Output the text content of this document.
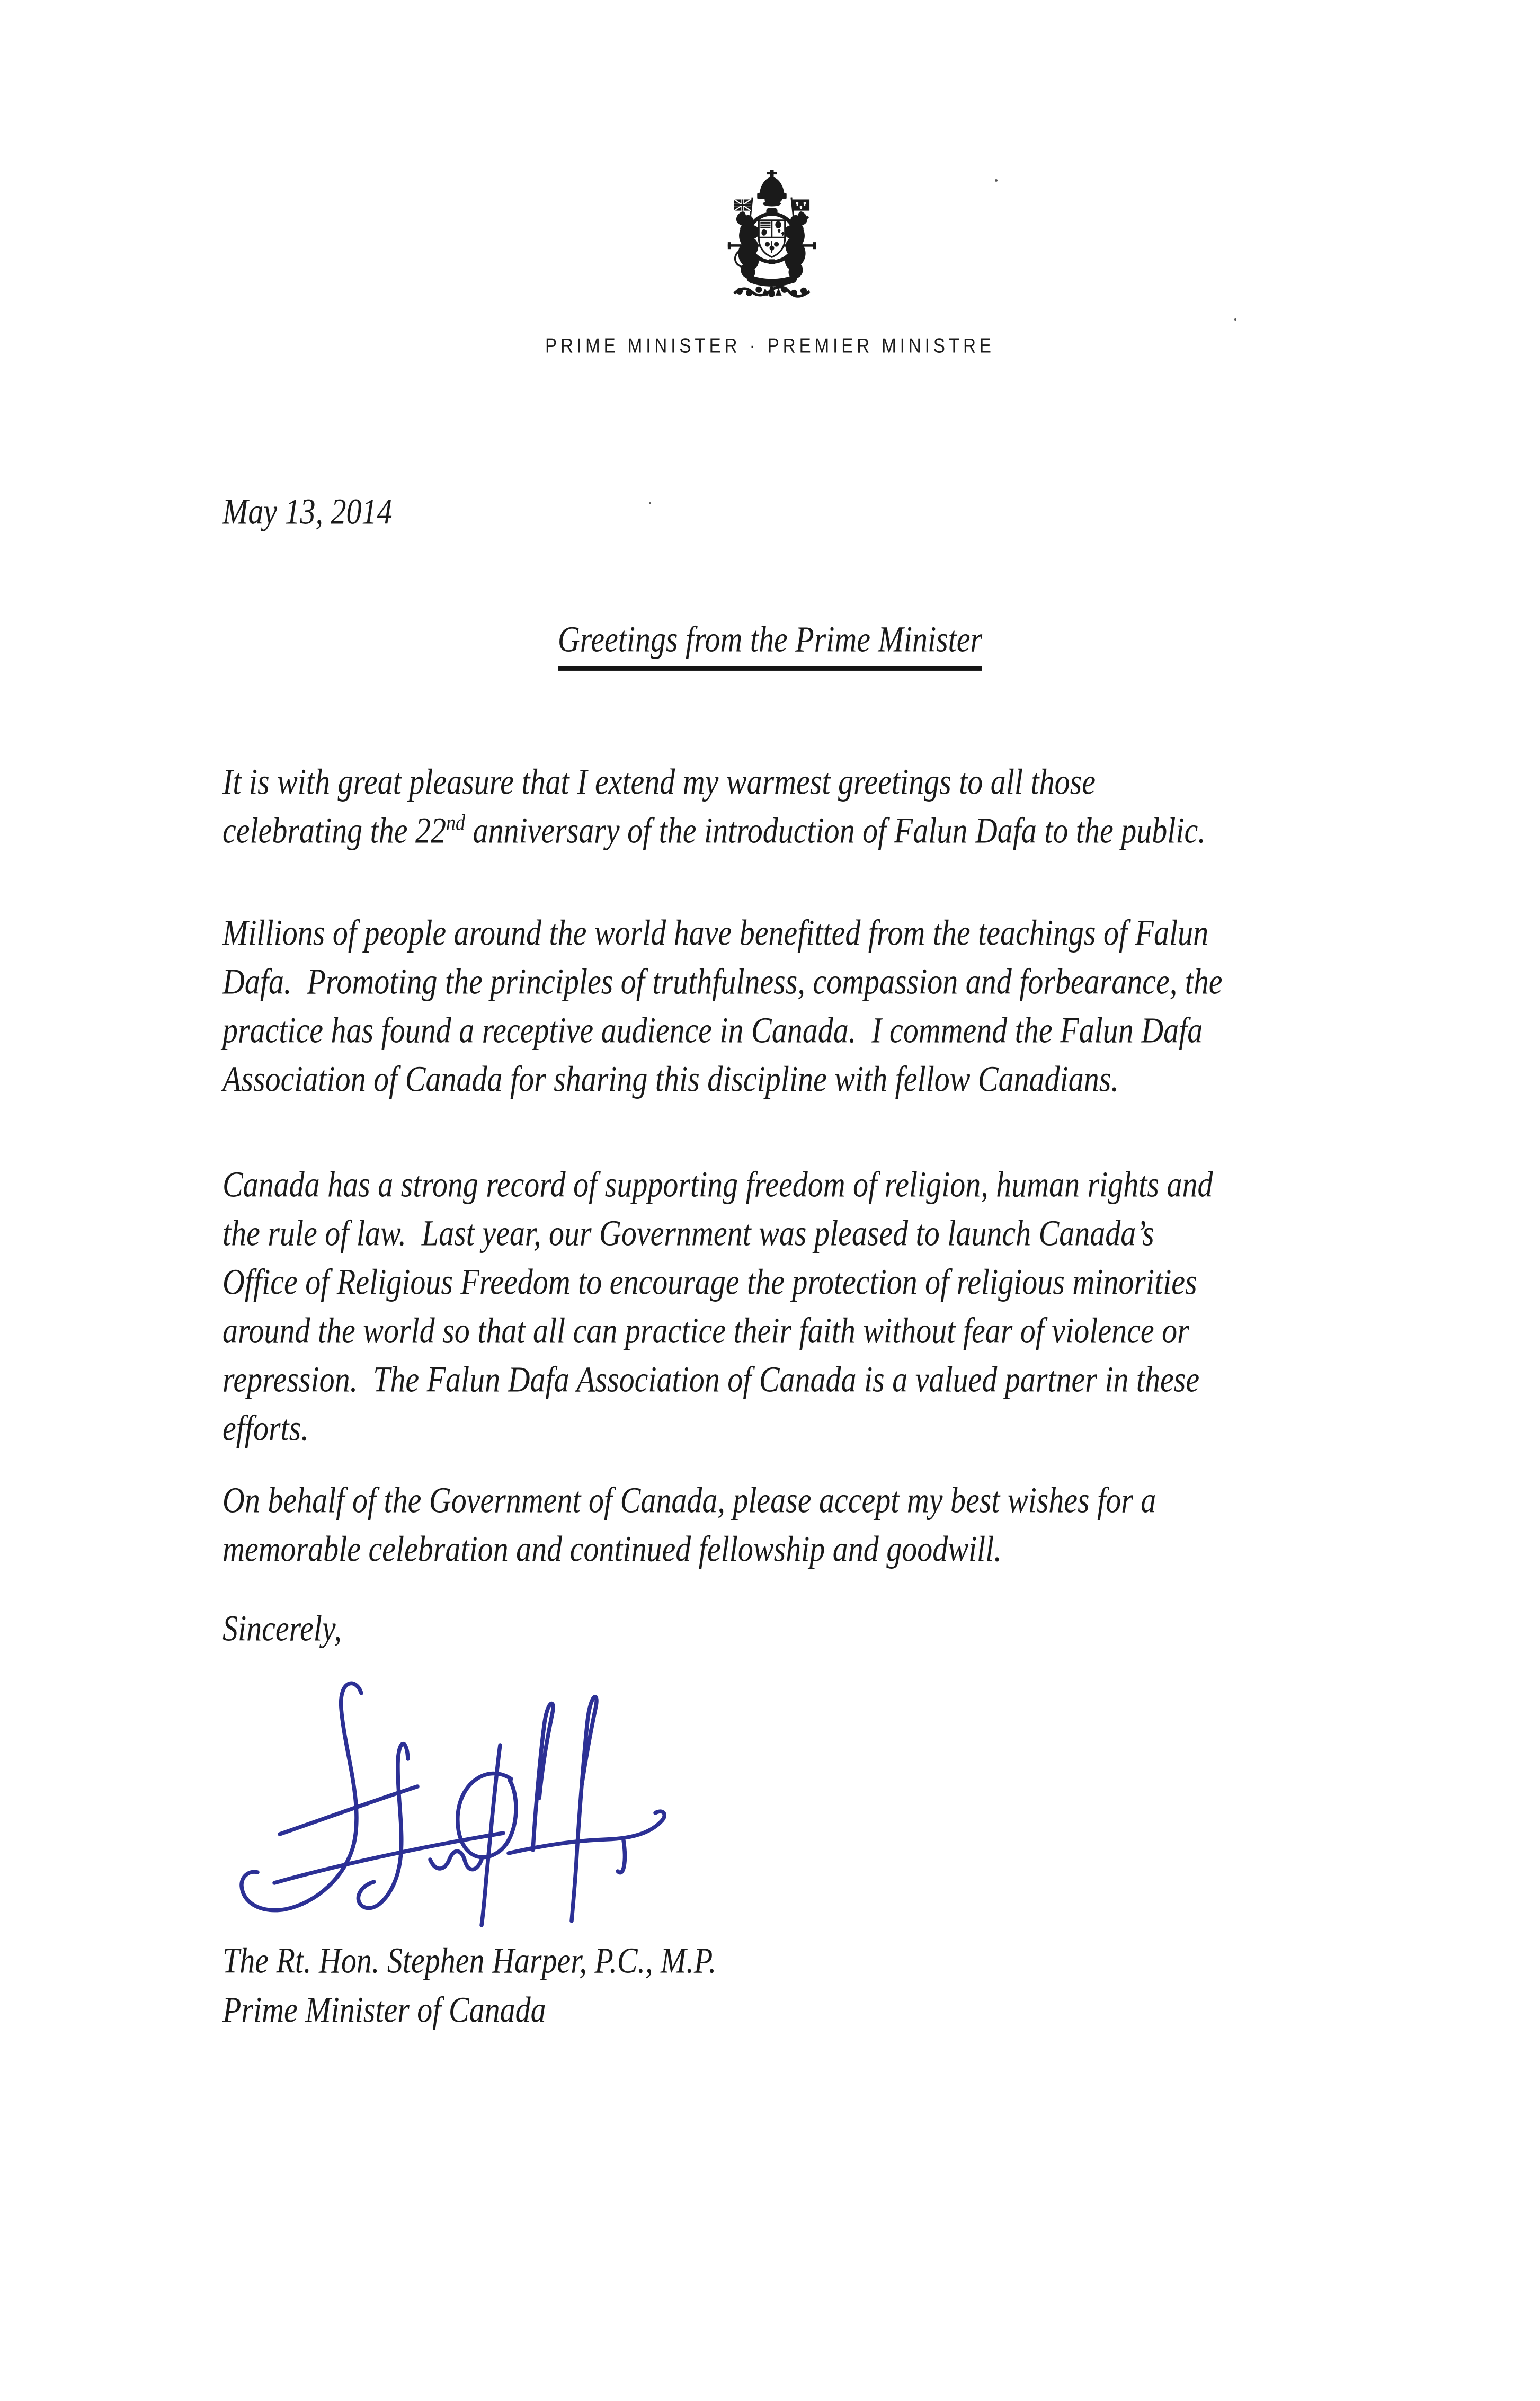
PRIME MINISTER · PREMIER MINISTRE
May 13, 2014
Greetings from the Prime Minister
It is with great pleasure that I extend my warmest greetings to all those
celebrating the 22nd anniversary of the introduction of Falun Dafa to the public.
Millions of people around the world have benefitted from the teachings of Falun
Dafa.  Promoting the principles of truthfulness, compassion and forbearance, the
practice has found a receptive audience in Canada.  I commend the Falun Dafa
Association of Canada for sharing this discipline with fellow Canadians.
Canada has a strong record of supporting freedom of religion, human rights and
the rule of law.  Last year, our Government was pleased to launch Canada’s
Office of Religious Freedom to encourage the protection of religious minorities
around the world so that all can practice their faith without fear of violence or
repression.  The Falun Dafa Association of Canada is a valued partner in these
efforts.
On behalf of the Government of Canada, please accept my best wishes for a
memorable celebration and continued fellowship and goodwill.
Sincerely,
The Rt. Hon. Stephen Harper, P.C., M.P.
Prime Minister of Canada
